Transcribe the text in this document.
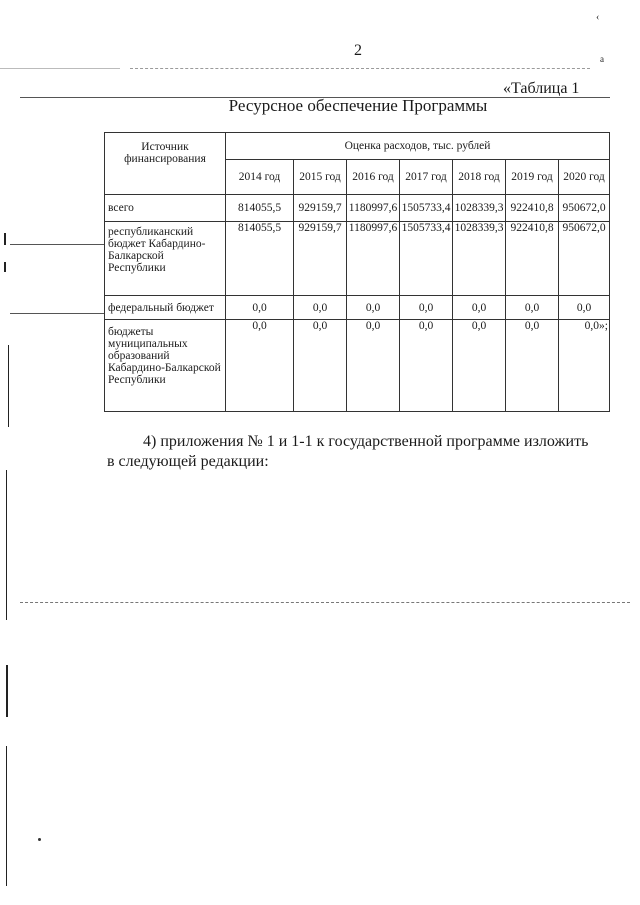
‹
a
2
«Таблица 1
Ресурсное обеспечение Программы
Источник финансирования	Оценка расходов, тыс. рублей						
	2014 год	2015 год	2016 год	2017 год	2018 год	2019 год	2020 год
всего	814055,5	929159,7	1180997,6	1505733,4	1028339,3	922410,8	950672,0
республиканский бюджет Кабардино-Балкарской Республики	814055,5	929159,7	1180997,6	1505733,4	1028339,3	922410,8	950672,0
федеральный бюджет	0,0	0,0	0,0	0,0	0,0	0,0	0,0
бюджеты муниципальных образований Кабардино-Балкарской Республики	0,0	0,0	0,0	0,0	0,0	0,0	0,0»;
4) приложения № 1 и 1-1 к государственной программе изложить
в следующей редакции:
